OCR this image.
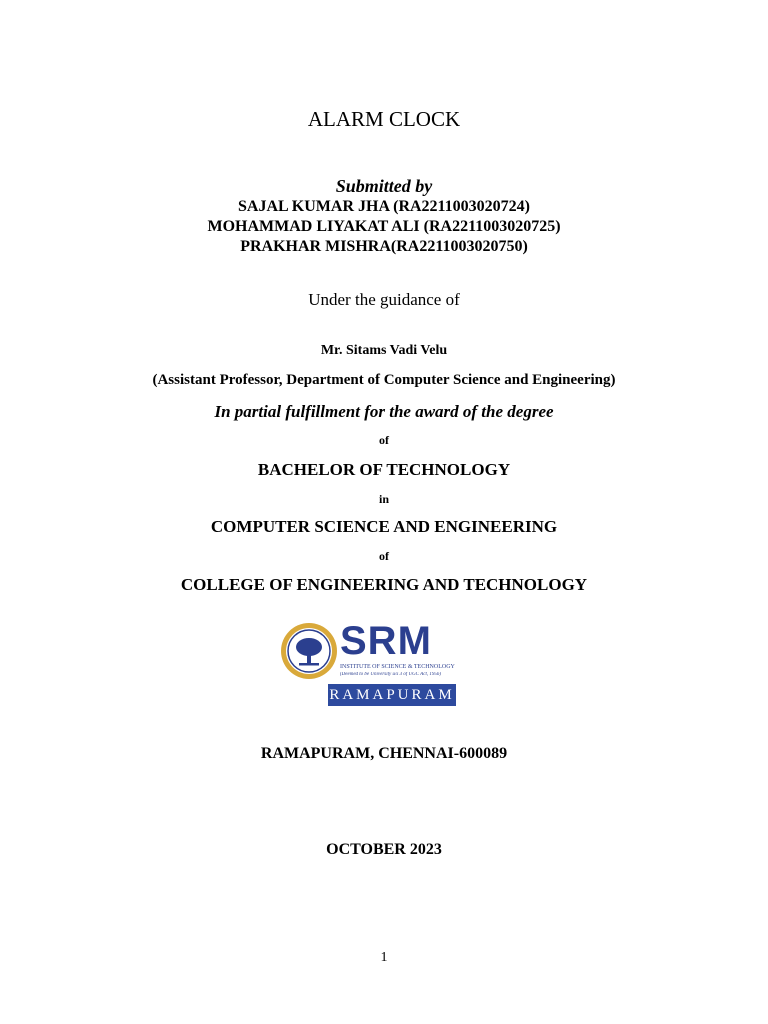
ALARM CLOCK
Submitted by
SAJAL KUMAR JHA (RA2211003020724)
MOHAMMAD LIYAKAT ALI (RA2211003020725)
PRAKHAR MISHRA(RA2211003020750)
Under the guidance of
Mr. Sitams Vadi Velu
(Assistant Professor, Department of Computer Science and Engineering)
In partial fulfillment for the award of the degree
of
BACHELOR OF TECHNOLOGY
in
COMPUTER SCIENCE AND ENGINEERING
of
COLLEGE OF ENGINEERING AND TECHNOLOGY
SRM
INSTITUTE OF SCIENCE & TECHNOLOGY
(Deemed to be University u/s 3 of UGC Act, 1956)
RAMAPURAM
RAMAPURAM, CHENNAI-600089
OCTOBER 2023
1
